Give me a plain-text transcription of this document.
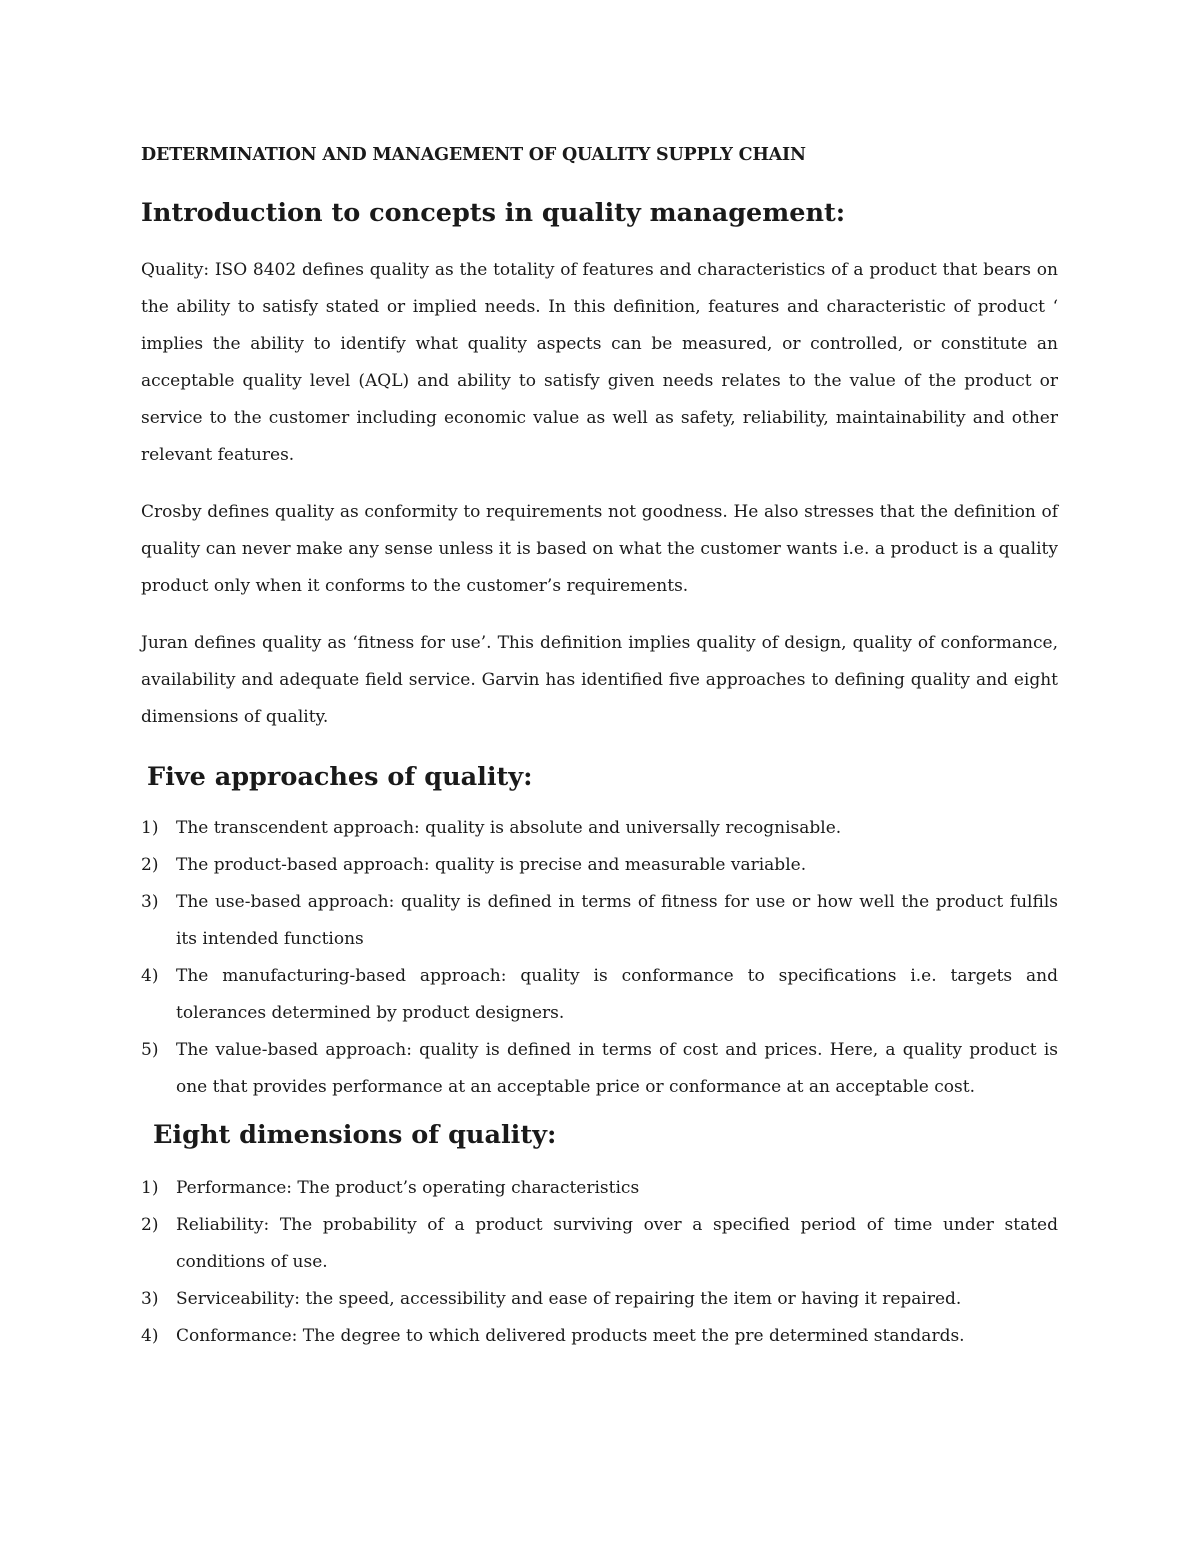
DETERMINATION AND MANAGEMENT OF QUALITY SUPPLY CHAIN
Introduction to concepts in quality management:

Quality: ISO 8402 defines quality as the totality of features and characteristics of a product that bears on the ability to satisfy stated or implied needs. In this definition, features and characteristic of product ‘ implies the ability to identify what quality aspects can be measured, or controlled, or constitute an acceptable quality level (AQL) and ability to satisfy given needs relates to the value of the product or service to the customer including economic value as well as safety, reliability, maintainability and other relevant features.

Crosby defines quality as conformity to requirements not goodness. He also stresses that the definition of quality can never make any sense unless it is based on what the customer wants i.e. a product is a quality product only when it conforms to the customer’s requirements.

Juran defines quality as ‘fitness for use’. This definition implies quality of design, quality of conformance, availability and adequate field service. Garvin has identified five approaches to defining quality and eight dimensions of quality.

Five approaches of quality:
1) The transcendent approach: quality is absolute and universally recognisable.
2) The product-based approach: quality is precise and measurable variable.
3) The use-based approach: quality is defined in terms of fitness for use or how well the product fulfils its intended functions
4) The manufacturing-based approach: quality is conformance to specifications i.e. targets and tolerances determined by product designers.
5) The value-based approach: quality is defined in terms of cost and prices. Here, a quality product is one that provides performance at an acceptable price or conformance at an acceptable cost.
Eight dimensions of quality:
1) Performance: The product’s operating characteristics
2) Reliability: The probability of a product surviving over a specified period of time under stated conditions of use.
3) Serviceability: the speed, accessibility and ease of repairing the item or having it repaired.
4) Conformance: The degree to which delivered products meet the pre determined standards.
